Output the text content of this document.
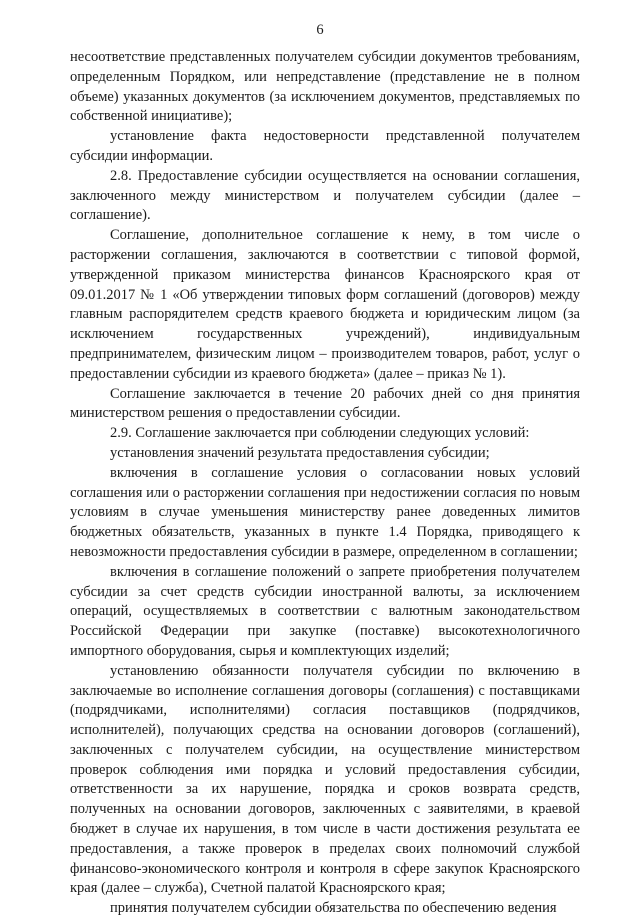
6

несоответствие представленных получателем субсидии документов требованиям, определенным Порядком, или непредставление (представление не в полном объеме) указанных документов (за исключением документов, представляемых по собственной инициативе);

установление факта недостоверности представленной получателем субсидии информации.

2.8. Предоставление субсидии осуществляется на основании соглашения, заключенного между министерством и получателем субсидии (далее – соглашение).

Соглашение, дополнительное соглашение к нему, в том числе о расторжении соглашения, заключаются в соответствии с типовой формой, утвержденной приказом министерства финансов Красноярского края от 09.01.2017 № 1 «Об утверждении типовых форм соглашений (договоров) между главным распорядителем средств краевого бюджета и юридическим лицом (за исключением государственных учреждений), индивидуальным предпринимателем, физическим лицом – производителем товаров, работ, услуг о предоставлении субсидии из краевого бюджета» (далее – приказ № 1).

Соглашение заключается в течение 20 рабочих дней со дня принятия министерством решения о предоставлении субсидии.

2.9. Соглашение заключается при соблюдении следующих условий:

установления значений результата предоставления субсидии;

включения в соглашение условия о согласовании новых условий соглашения или о расторжении соглашения при недостижении согласия по новым условиям в случае уменьшения министерству ранее доведенных лимитов бюджетных обязательств, указанных в пункте 1.4 Порядка, приводящего к невозможности предоставления субсидии в размере, определенном в соглашении;

включения в соглашение положений о запрете приобретения получателем субсидии за счет средств субсидии иностранной валюты, за исключением операций, осуществляемых в соответствии с валютным законодательством Российской Федерации при закупке (поставке) высокотехнологичного импортного оборудования, сырья и комплектующих изделий;

установлению обязанности получателя субсидии по включению в заключаемые во исполнение соглашения договоры (соглашения) с поставщиками (подрядчиками, исполнителями) согласия поставщиков (подрядчиков, исполнителей), получающих средства на основании договоров (соглашений), заключенных с получателем субсидии, на осуществление министерством проверок соблюдения ими порядка и условий предоставления субсидии, ответственности за их нарушение, порядка и сроков возврата средств, полученных на основании договоров, заключенных с заявителями, в краевой бюджет в случае их нарушения, в том числе в части достижения результата ее предоставления, а также проверок в пределах своих полномочий службой финансово-экономического контроля и контроля в сфере закупок Красноярского края (далее – служба), Счетной палатой Красноярского края;

принятия получателем субсидии обязательства по обеспечению ведения
